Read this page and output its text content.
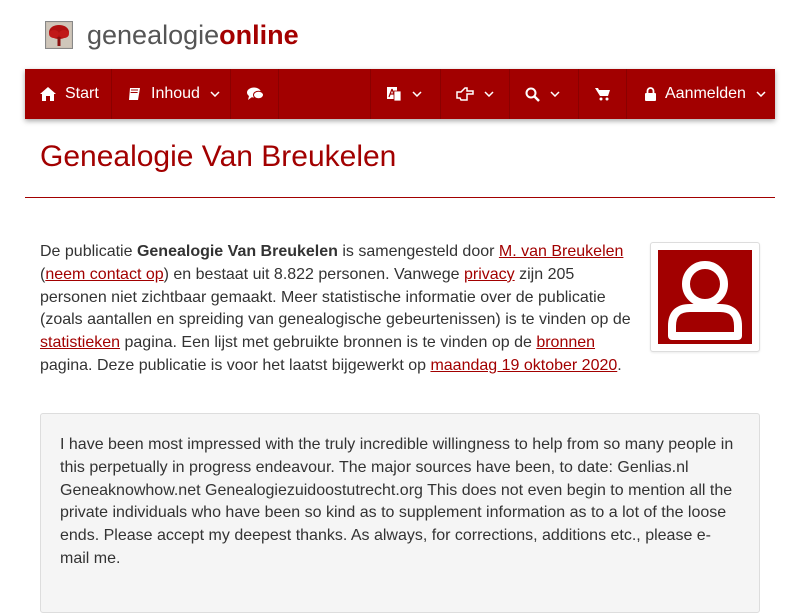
genealogieonline
Start	Inhoud	Aanmelden
Genealogie Van Breukelen
De publicatie Genealogie Van Breukelen is samengesteld door M. van Breukelen (neem contact op) en bestaat uit 8.822 personen. Vanwege privacy zijn 205 personen niet zichtbaar gemaakt. Meer statistische informatie over de publicatie (zoals aantallen en spreiding van genealogische gebeurtenissen) is te vinden op de statistieken pagina. Een lijst met gebruikte bronnen is te vinden op de bronnen pagina. Deze publicatie is voor het laatst bijgewerkt op maandag 19 oktober 2020.
I have been most impressed with the truly incredible willingness to help from so many people in this perpetually in progress endeavour. The major sources have been, to date: Genlias.nl Geneaknowhow.net Genealogiezuidoostutrecht.org This does not even begin to mention all the private individuals who have been so kind as to supplement information as to a lot of the loose ends. Please accept my deepest thanks. As always, for corrections, additions etc., please e-mail me.
